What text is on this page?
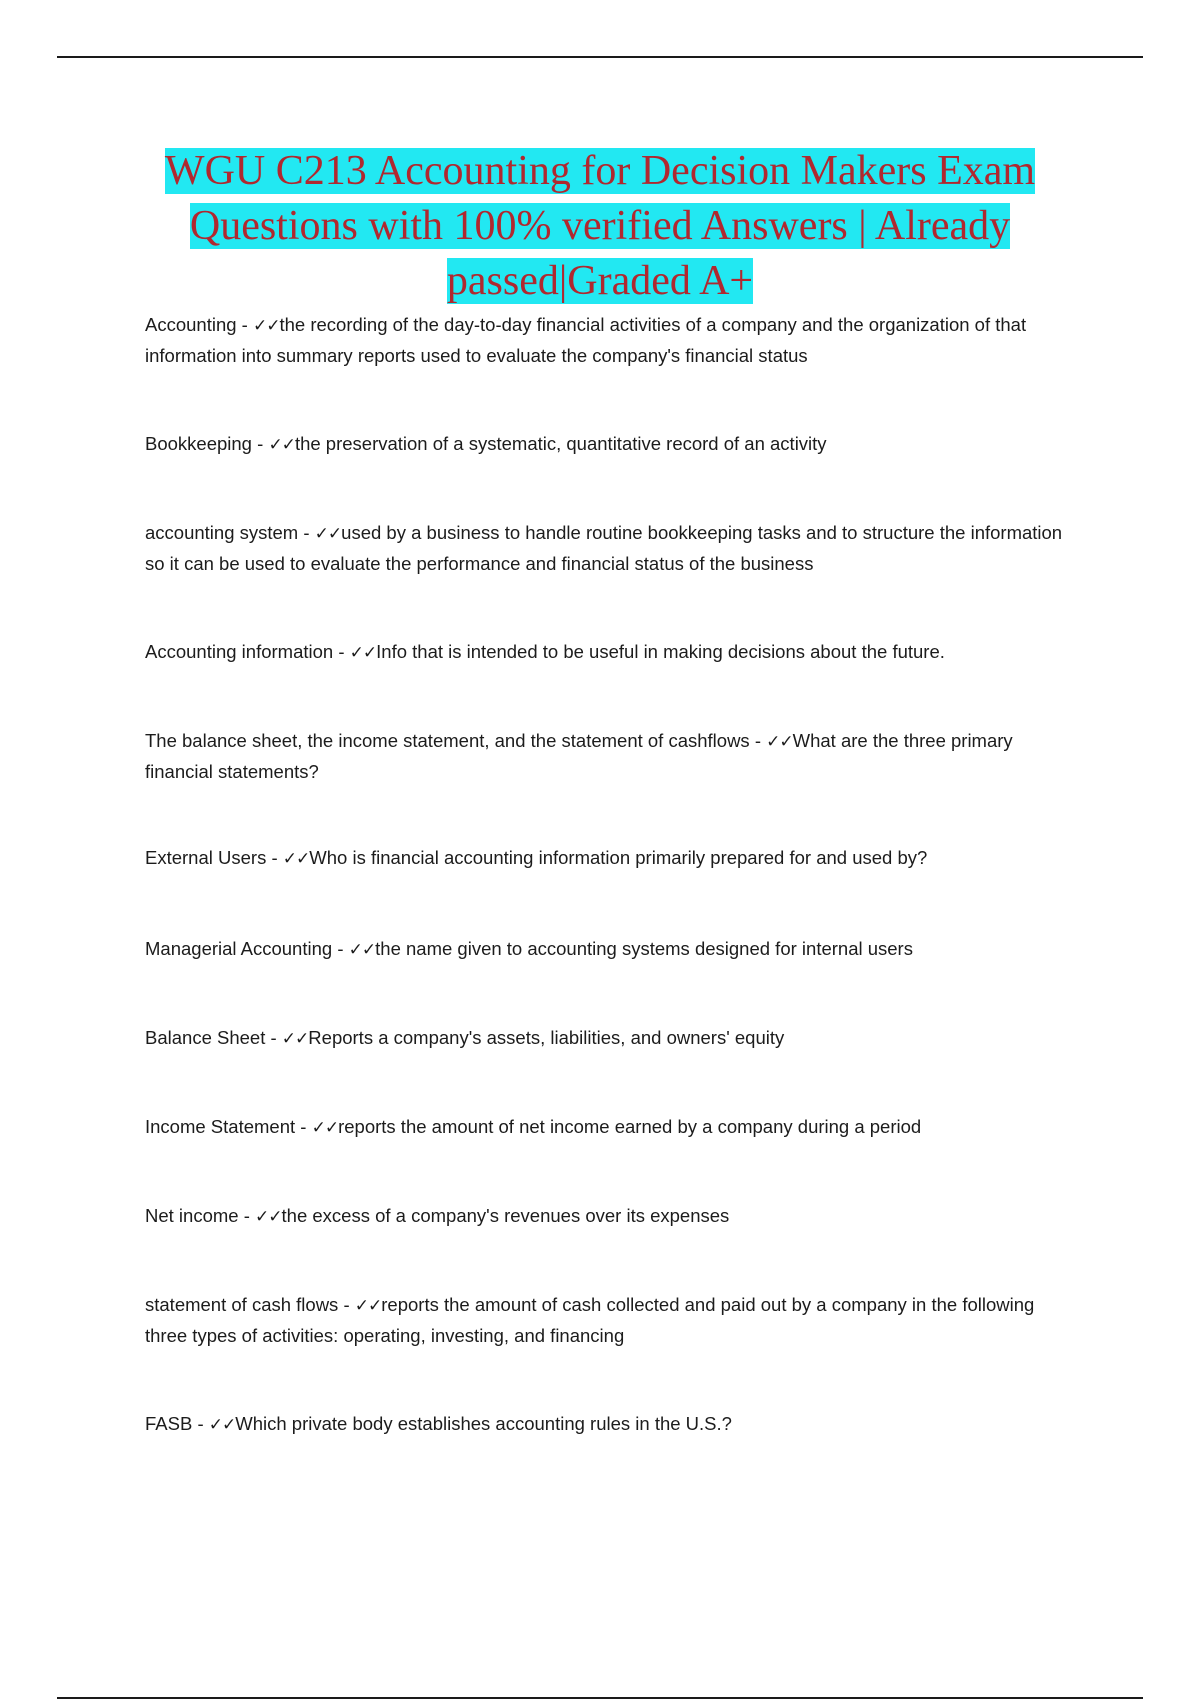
WGU C213 Accounting for Decision Makers Exam Questions with 100% verified Answers | Already passed|Graded A+
Accounting - ✓✓the recording of the day-to-day financial activities of a company and the organization of that information into summary reports used to evaluate the company's financial status
Bookkeeping - ✓✓the preservation of a systematic, quantitative record of an activity
accounting system - ✓✓used by a business to handle routine bookkeeping tasks and to structure the information so it can be used to evaluate the performance and financial status of the business
Accounting information - ✓✓Info that is intended to be useful in making decisions about the future.
The balance sheet, the income statement, and the statement of cashflows - ✓✓What are the three primary financial statements?
External Users - ✓✓Who is financial accounting information primarily prepared for and used by?
Managerial Accounting - ✓✓the name given to accounting systems designed for internal users
Balance Sheet - ✓✓Reports a company's assets, liabilities, and owners' equity
Income Statement - ✓✓reports the amount of net income earned by a company during a period
Net income - ✓✓the excess of a company's revenues over its expenses
statement of cash flows - ✓✓reports the amount of cash collected and paid out by a company in the following three types of activities: operating, investing, and financing
FASB - ✓✓Which private body establishes accounting rules in the U.S.?
